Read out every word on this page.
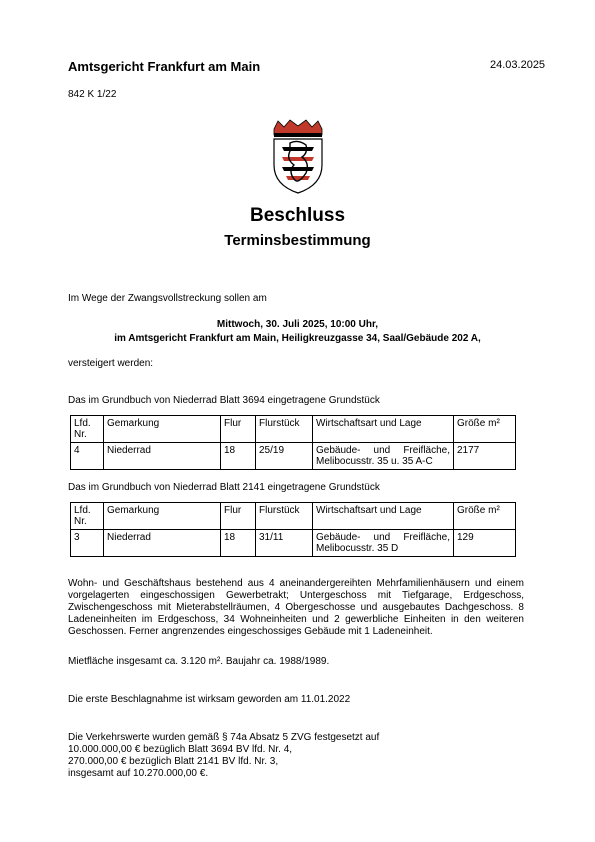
Amtsgericht Frankfurt am Main	24.03.2025
842 K 1/22
Beschluss
Terminsbestimmung
Im Wege der Zwangsvollstreckung sollen am
Mittwoch, 30. Juli 2025, 10:00 Uhr,
im Amtsgericht Frankfurt am Main, Heiligkreuzgasse 34, Saal/Gebäude 202 A,
versteigert werden:
Das im Grundbuch von Niederrad Blatt 3694 eingetragene Grundstück
Lfd. Nr.	Gemarkung	Flur	Flurstück	Wirtschaftsart und Lage	Größe m²
4	Niederrad	18	25/19	Gebäude- und Freifläche, Melibocusstr. 35 u. 35 A-C	2177
Das im Grundbuch von Niederrad Blatt 2141 eingetragene Grundstück
Lfd. Nr.	Gemarkung	Flur	Flurstück	Wirtschaftsart und Lage	Größe m²
3	Niederrad	18	31/11	Gebäude- und Freifläche, Melibocusstr. 35 D	129
Wohn- und Geschäftshaus bestehend aus 4 aneinandergereihten Mehrfamilienhäusern und einem vorgelagerten eingeschossigen Gewerbetrakt; Untergeschoss mit Tiefgarage, Erdgeschoss, Zwischengeschoss mit Mieterabstellräumen, 4 Obergeschosse und ausgebautes Dachgeschoss. 8 Ladeneinheiten im Erdgeschoss, 34 Wohneinheiten und 2 gewerbliche Einheiten in den weiteren Geschossen. Ferner angrenzendes eingeschossiges Gebäude mit 1 Ladeneinheit.
Mietfläche insgesamt ca. 3.120 m². Baujahr ca. 1988/1989.
Die erste Beschlagnahme ist wirksam geworden am 11.01.2022
Die Verkehrswerte wurden gemäß § 74a Absatz 5 ZVG festgesetzt auf
10.000.000,00 € bezüglich Blatt 3694 BV lfd. Nr. 4,
270.000,00 € bezüglich Blatt 2141 BV lfd. Nr. 3,
insgesamt auf 10.270.000,00 €.
